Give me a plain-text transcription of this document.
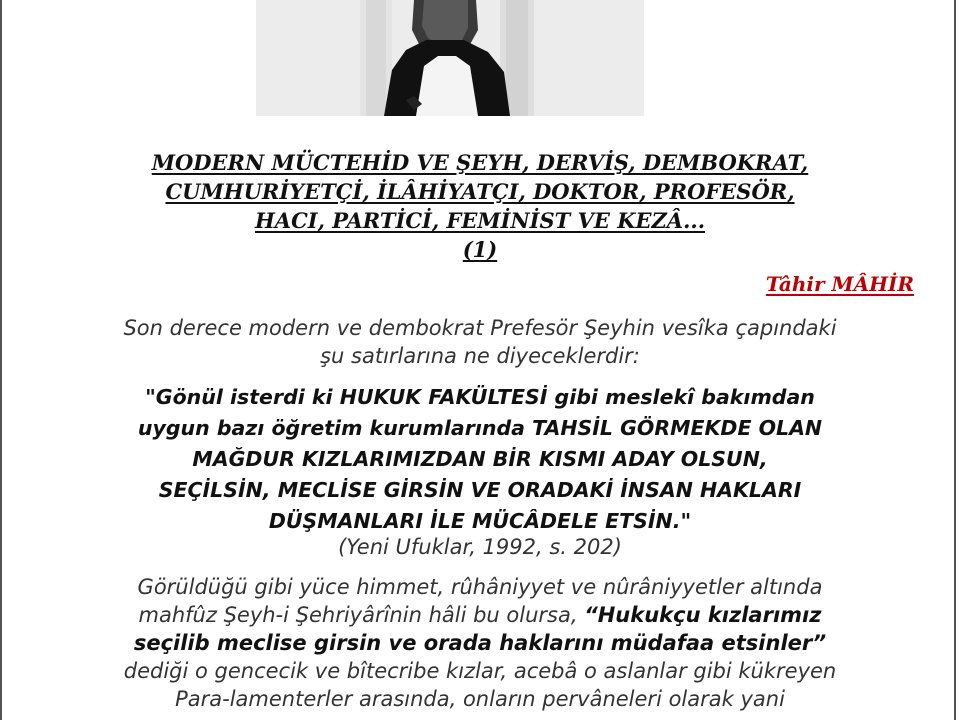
MODERN MÜCTEHİD VE ŞEYH, DERVİŞ, DEMBOKRAT,
CUMHURİYETÇİ, İLÂHİYATÇI, DOKTOR, PROFESÖR,
HACI, PARTİCİ, FEMİNİST VE KEZÂ...
(1)
Tâhir MÂHİR
Son derece modern ve dembokrat Prefesör Şeyhin vesîka çapındaki
şu satırlarına ne diyeceklerdir:
"Gönül isterdi ki HUKUK FAKÜLTESİ gibi meslekî bakımdan
uygun bazı öğretim kurumlarında TAHSİL GÖRMEKDE OLAN
MAĞDUR KIZLARIMIZDAN BİR KISMI ADAY OLSUN,
SEÇİLSİN, MECLİSE GİRSİN VE ORADAKİ İNSAN HAKLARI
DÜŞMANLARI İLE MÜCÂDELE ETSİN."
(Yeni Ufuklar, 1992, s. 202)
Görüldüğü gibi yüce himmet, rûhâniyyet ve nûrâniyyetler altında
mahfûz Şeyh-i Şehriyârînin hâli bu olursa, “Hukukçu kızlarımız
seçilib meclise girsin ve orada haklarını müdafaa etsinler”
dediği o gencecik ve bîtecribe kızlar, acebâ o aslanlar gibi kükreyen
Para-lamenterler arasında, onların pervâneleri olarak yani
